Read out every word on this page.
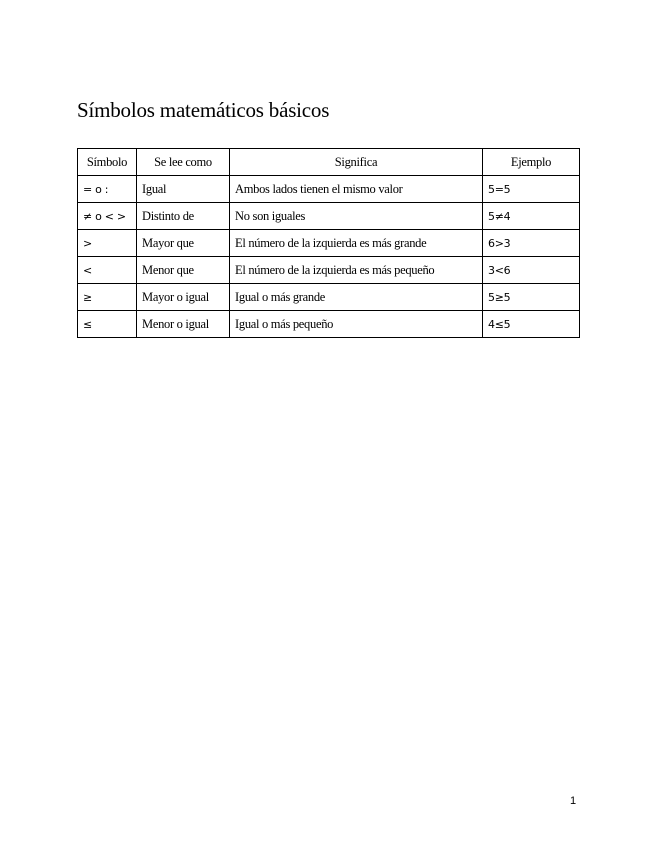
Símbolos matemáticos básicos
Símbolo	Se lee como	Significa	Ejemplo
= o :	Igual	Ambos lados tienen el mismo valor	5=5
≠ o < >	Distinto de	No son iguales	5≠4
>	Mayor que	El número de la izquierda es más grande	6>3
<	Menor que	El número de la izquierda es más pequeño	3<6
≥	Mayor o igual	Igual o más grande	5≥5
≤	Menor o igual	Igual o más pequeño	4≤5
1
